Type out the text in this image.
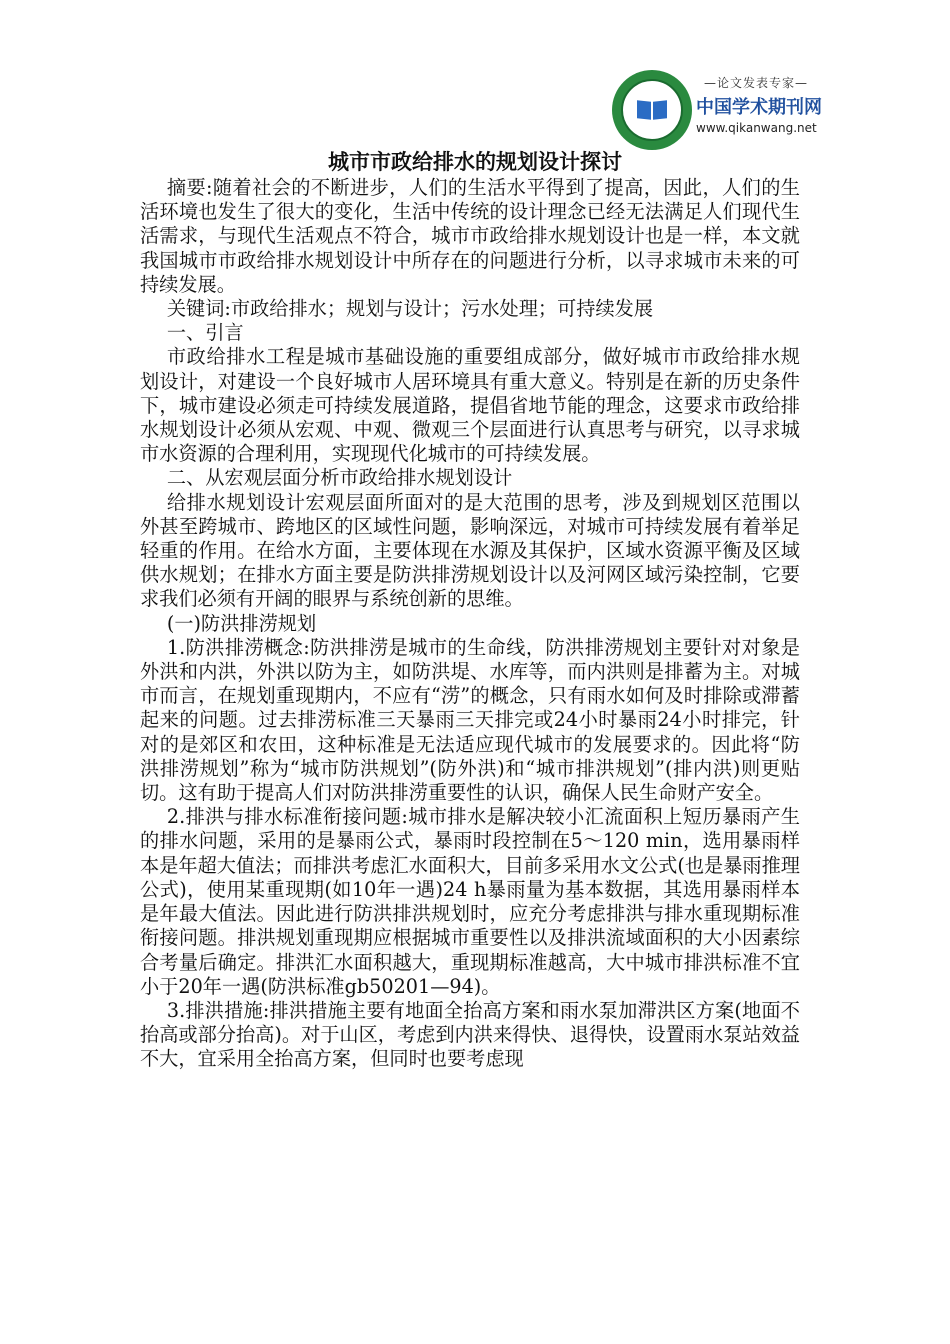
—论文发表专家—
中国学术期刊网
www.qikanwang.net
城市市政给排水的规划设计探讨

摘要:随着社会的不断进步，人们的生活水平得到了提高，因此，人们的生活环境也发生了很大的变化，生活中传统的设计理念已经无法满足人们现代生活需求，与现代生活观点不符合，城市市政给排水规划设计也是一样，本文就我国城市市政给排水规划设计中所存在的问题进行分析，以寻求城市未来的可持续发展。

关键词:市政给排水；规划与设计；污水处理；可持续发展

一、引言

市政给排水工程是城市基础设施的重要组成部分，做好城市市政给排水规划设计，对建设一个良好城市人居环境具有重大意义。特别是在新的历史条件下，城市建设必须走可持续发展道路，提倡省地节能的理念，这要求市政给排水规划设计必须从宏观、中观、微观三个层面进行认真思考与研究，以寻求城市水资源的合理利用，实现现代化城市的可持续发展。

二、从宏观层面分析市政给排水规划设计

给排水规划设计宏观层面所面对的是大范围的思考，涉及到规划区范围以外甚至跨城市、跨地区的区域性问题，影响深远，对城市可持续发展有着举足轻重的作用。在给水方面，主要体现在水源及其保护，区域水资源平衡及区域供水规划；在排水方面主要是防洪排涝规划设计以及河网区域污染控制，它要求我们必须有开阔的眼界与系统创新的思维。

(一)防洪排涝规划

1.防洪排涝概念:防洪排涝是城市的生命线，防洪排涝规划主要针对对象是外洪和内洪，外洪以防为主，如防洪堤、水库等，而内洪则是排蓄为主。对城市而言，在规划重现期内，不应有“涝”的概念，只有雨水如何及时排除或滞蓄起来的问题。过去排涝标准三天暴雨三天排完或24小时暴雨24小时排完，针对的是郊区和农田，这种标准是无法适应现代城市的发展要求的。因此将“防洪排涝规划”称为“城市防洪规划”(防外洪)和“城市排洪规划”(排内洪)则更贴切。这有助于提高人们对防洪排涝重要性的认识，确保人民生命财产安全。

2.排洪与排水标准衔接问题:城市排水是解决较小汇流面积上短历暴雨产生的排水问题，采用的是暴雨公式，暴雨时段控制在5～120 min，选用暴雨样本是年超大值法；而排洪考虑汇水面积大，目前多采用水文公式(也是暴雨推理公式)，使用某重现期(如10年一遇)24 h暴雨量为基本数据，其选用暴雨样本是年最大值法。因此进行防洪排洪规划时，应充分考虑排洪与排水重现期标准衔接问题。排洪规划重现期应根据城市重要性以及排洪流域面积的大小因素综合考量后确定。排洪汇水面积越大，重现期标准越高，大中城市排洪标准不宜小于20年一遇(防洪标准gb50201—94)。

3.排洪措施:排洪措施主要有地面全抬高方案和雨水泵加滞洪区方案(地面不抬高或部分抬高)。对于山区，考虑到内洪来得快、退得快，设置雨水泵站效益不大，宜采用全抬高方案，但同时也要考虑现
